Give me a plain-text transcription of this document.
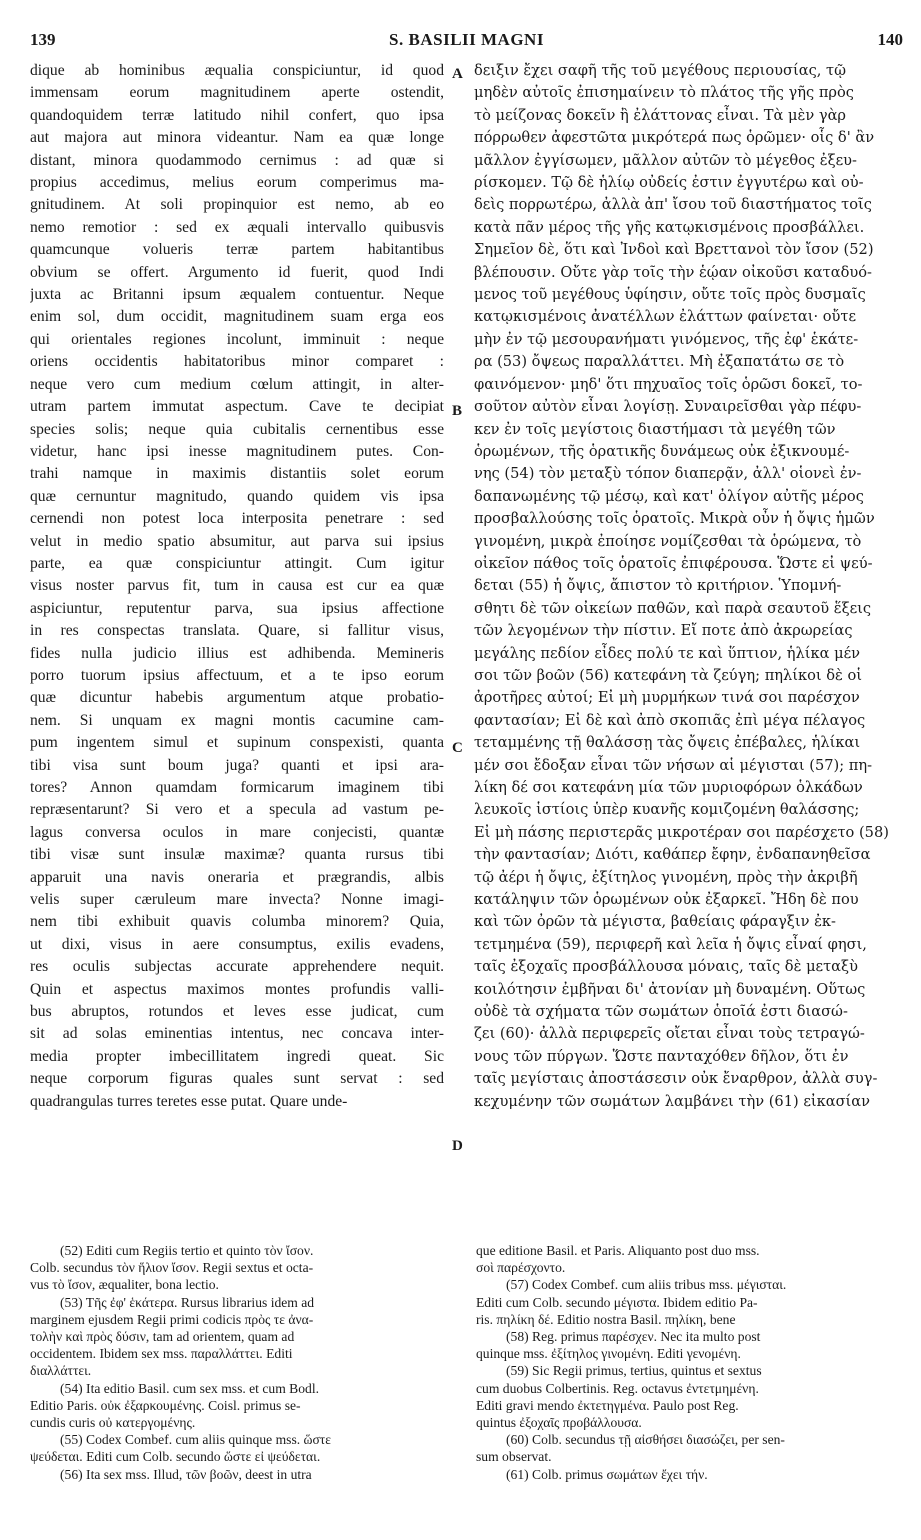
139	S. BASILII MAGNI	140
dique ab hominibus æqualia conspiciuntur, id quod
immensam eorum magnitudinem aperte ostendit,
quandoquidem terræ latitudo nihil confert, quo ipsa
aut majora aut minora videantur. Nam ea quæ longe
distant, minora quodammodo cernimus : ad quæ si
propius accedimus, melius eorum comperimus ma-
gnitudinem. At soli propinquior est nemo, ab eo
nemo remotior : sed ex æquali intervallo quibusvis
quamcunque volueris terræ partem habitantibus
obvium se offert. Argumento id fuerit, quod Indi
juxta ac Britanni ipsum æqualem contuentur. Neque
enim sol, dum occidit, magnitudinem suam erga eos
qui orientales regiones incolunt, imminuit : neque
oriens occidentis habitatoribus minor comparet :
neque vero cum medium cœlum attingit, in alter-
utram partem immutat aspectum. Cave te decipiat
species solis; neque quia cubitalis cernentibus esse
videtur, hanc ipsi inesse magnitudinem putes. Con-
trahi namque in maximis distantiis solet eorum
quæ cernuntur magnitudo, quando quidem vis ipsa
cernendi non potest loca interposita penetrare : sed
velut in medio spatio absumitur, aut parva sui ipsius
parte, ea quæ conspiciuntur attingit. Cum igitur
visus noster parvus fit, tum in causa est cur ea quæ
aspiciuntur, reputentur parva, sua ipsius affectione
in res conspectas translata. Quare, si fallitur visus,
fides nulla judicio illius est adhibenda. Memineris
porro tuorum ipsius affectuum, et a te ipso eorum
quæ dicuntur habebis argumentum atque probatio-
nem. Si unquam ex magni montis cacumine cam-
pum ingentem simul et supinum conspexisti, quanta
tibi visa sunt boum juga? quanti et ipsi ara-
tores? Annon quamdam formicarum imaginem tibi
repræsentarunt? Si vero et a specula ad vastum pe-
lagus conversa oculos in mare conjecisti, quantæ
tibi visæ sunt insulæ maximæ? quanta rursus tibi
apparuit una navis oneraria et prægrandis, albis
velis super cæruleum mare invecta? Nonne imagi-
nem tibi exhibuit quavis columba minorem? Quia,
ut dixi, visus in aere consumptus, exilis evadens,
res oculis subjectas accurate apprehendere nequit.
Quin et aspectus maximos montes profundis valli-
bus abruptos, rotundos et leves esse judicat, cum
sit ad solas eminentias intentus, nec concava inter-
media propter imbecillitatem ingredi queat. Sic
neque corporum figuras quales sunt servat : sed
quadrangulas turres teretes esse putat. Quare unde-
δειξιν ἔχει σαφῆ τῆς τοῦ μεγέθους περιουσίας, τῷ
μηδὲν αὐτοῖς ἐπισημαίνειν τὸ πλάτος τῆς γῆς πρὸς
τὸ μείζονας δοκεῖν ἢ ἐλάττονας εἶναι. Τὰ μὲν γὰρ
πόρρωθεν ἀφεστῶτα μικρότερά πως ὁρῶμεν· οἷς δ' ἂν
μᾶλλον ἐγγίσωμεν, μᾶλλον αὐτῶν τὸ μέγεθος ἐξευ-
ρίσκομεν. Τῷ δὲ ἡλίῳ οὐδείς ἐστιν ἐγγυτέρω καὶ οὐ-
δεὶς πορρωτέρω, ἀλλὰ ἀπ' ἴσου τοῦ διαστήματος τοῖς
κατὰ πᾶν μέρος τῆς γῆς κατῳκισμένοις προσβάλλει.
Σημεῖον δὲ, ὅτι καὶ Ἰνδοὶ καὶ Βρεττανοὶ τὸν ἴσον (52)
βλέπουσιν. Οὔτε γὰρ τοῖς τὴν ἑῴαν οἰκοῦσι καταδυό-
μενος τοῦ μεγέθους ὑφίησιν, οὔτε τοῖς πρὸς δυσμαῖς
κατῳκισμένοις ἀνατέλλων ἐλάττων φαίνεται· οὔτε
μὴν ἐν τῷ μεσουρανήματι γινόμενος, τῆς ἐφ' ἑκάτε-
ρα (53) ὄψεως παραλλάττει. Μὴ ἐξαπατάτω σε τὸ
φαινόμενον· μηδ' ὅτι πηχυαῖος τοῖς ὁρῶσι δοκεῖ, το-
σοῦτον αὐτὸν εἶναι λογίσῃ. Συναιρεῖσθαι γὰρ πέφυ-
κεν ἐν τοῖς μεγίστοις διαστήμασι τὰ μεγέθη τῶν
ὁρωμένων, τῆς ὁρατικῆς δυνάμεως οὐκ ἐξικνουμέ-
νης (54) τὸν μεταξὺ τόπον διαπερᾷν, ἀλλ' οἱονεὶ ἐν-
δαπανωμένης τῷ μέσῳ, καὶ κατ' ὀλίγον αὐτῆς μέρος
προσβαλλούσης τοῖς ὁρατοῖς. Μικρὰ οὖν ἡ ὄψις ἡμῶν
γινομένη, μικρὰ ἐποίησε νομίζεσθαι τὰ ὁρώμενα, τὸ
οἰκεῖον πάθος τοῖς ὁρατοῖς ἐπιφέρουσα. Ὥστε εἰ ψεύ-
δεται (55) ἡ ὄψις, ἄπιστον τὸ κριτήριον. Ὑπομνή-
σθητι δὲ τῶν οἰκείων παθῶν, καὶ παρὰ σεαυτοῦ ἕξεις
τῶν λεγομένων τὴν πίστιν. Εἴ ποτε ἀπὸ ἀκρωρείας
μεγάλης πεδίον εἶδες πολύ τε καὶ ὕπτιον, ἡλίκα μέν
σοι τῶν βοῶν (56) κατεφάνη τὰ ζεύγη; πηλίκοι δὲ οἱ
ἀροτῆρες αὐτοί; Εἰ μὴ μυρμήκων τινά σοι παρέσχον
φαντασίαν; Εἰ δὲ καὶ ἀπὸ σκοπιᾶς ἐπὶ μέγα πέλαγος
τεταμμένης τῇ θαλάσσῃ τὰς ὄψεις ἐπέβαλες, ἡλίκαι
μέν σοι ἔδοξαν εἶναι τῶν νήσων αἱ μέγισται (57); πη-
λίκη δέ σοι κατεφάνη μία τῶν μυριοφόρων ὁλκάδων
λευκοῖς ἱστίοις ὑπὲρ κυανῆς κομιζομένη θαλάσσης;
Εἰ μὴ πάσης περιστερᾶς μικροτέραν σοι παρέσχετο (58)
τὴν φαντασίαν; Διότι, καθάπερ ἔφην, ἐνδαπανηθεῖσα
τῷ ἀέρι ἡ ὄψις, ἐξίτηλος γινομένη, πρὸς τὴν ἀκριβῆ
κατάληψιν τῶν ὁρωμένων οὐκ ἐξαρκεῖ. Ἤδη δὲ που
καὶ τῶν ὀρῶν τὰ μέγιστα, βαθείαις φάραγξιν ἐκ-
τετμημένα (59), περιφερῆ καὶ λεῖα ἡ ὄψις εἶναί φησι,
ταῖς ἐξοχαῖς προσβάλλουσα μόναις, ταῖς δὲ μεταξὺ
κοιλότησιν ἐμβῆναι δι' ἀτονίαν μὴ δυναμένη. Οὕτως
οὐδὲ τὰ σχήματα τῶν σωμάτων ὁποῖά ἐστι διασώ-
ζει (60)· ἀλλὰ περιφερεῖς οἴεται εἶναι τοὺς τετραγώ-
νους τῶν πύργων. Ὥστε πανταχόθεν δῆλον, ὅτι ἐν
ταῖς μεγίσταις ἀποστάσεσιν οὐκ ἔναρθρον, ἀλλὰ συγ-
κεχυμένην τῶν σωμάτων λαμβάνει τὴν (61) εἰκασίαν
A
B
C
D
(52) Editi cum Regiis tertio et quinto τὸν ἴσον.
Colb. secundus τὸν ἥλιον ἴσον. Regii sextus et octa-
vus τὸ ἴσον, æqualiter, bona lectio.
(53) Τῆς ἐφ' ἑκάτερα. Rursus librarius idem ad
marginem ejusdem Regii primi codicis πρὸς τε ἀνα-
τολὴν καὶ πρὸς δύσιν, tam ad orientem, quam ad
occidentem. Ibidem sex mss. παραλλάττει. Editi
διαλλάττει.
(54) Ita editio Basil. cum sex mss. et cum Bodl.
Editio Paris. οὐκ ἐξαρκουμένης. Coisl. primus se-
cundis curis οὐ κατεργομένης.
(55) Codex Combef. cum aliis quinque mss. ὥστε
ψεύδεται. Editi cum Colb. secundo ὥστε εἰ ψεύδεται.
(56) Ita sex mss. Illud, τῶν βοῶν, deest in utra
que editione Basil. et Paris. Aliquanto post duo mss.
σοὶ παρέσχοντο.
(57) Codex Combef. cum aliis tribus mss. μέγισται.
Editi cum Colb. secundo μέγιστα. Ibidem editio Pa-
ris. πηλίκη δέ. Editio nostra Basil. πηλίκη, bene
(58) Reg. primus παρέσχεν. Nec ita multo post
quinque mss. ἐξίτηλος γινομένη. Editi γενομένη.
(59) Sic Regii primus, tertius, quintus et sextus
cum duobus Colbertinis. Reg. octavus ἐντετμημένη.
Editi gravi mendo ἐκτετηγμένα. Paulo post Reg.
quintus ἐξοχαῖς προβάλλουσα.
(60) Colb. secundus τῇ αἰσθήσει διασώζει, per sen-
sum observat.
(61) Colb. primus σωμάτων ἔχει τήν.
